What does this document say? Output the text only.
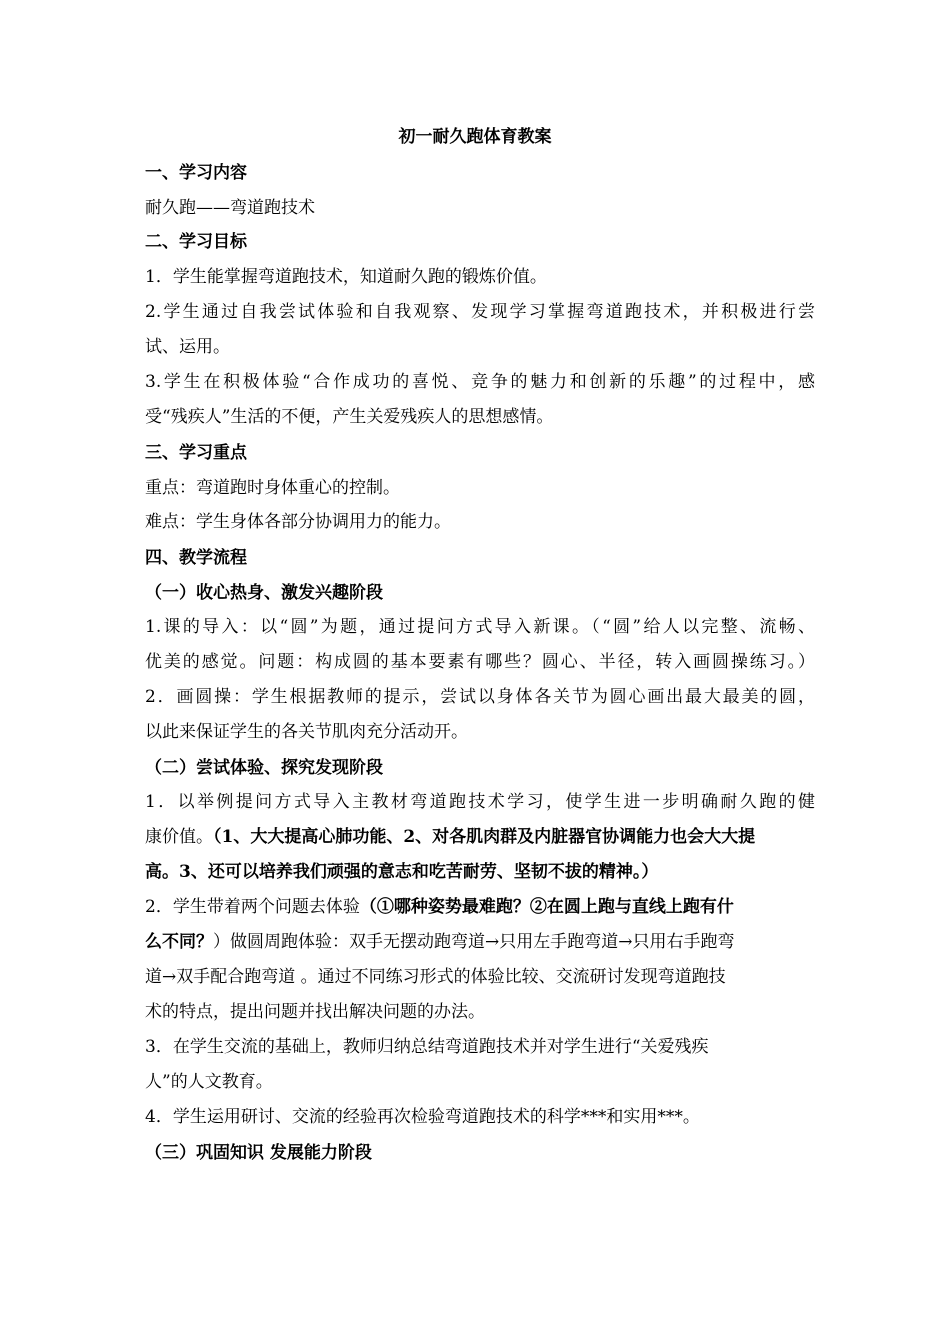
初一耐久跑体育教案
一、学习内容
耐久跑——弯道跑技术
二、学习目标
1．学生能掌握弯道跑技术，知道耐久跑的锻炼价值。
2.学生通过自我尝试体验和自我观察、发现学习掌握弯道跑技术，并积极进行尝
试、运用。
3.学生在积极体验“合作成功的喜悦、竞争的魅力和创新的乐趣”的过程中，感
受“残疾人”生活的不便，产生关爱残疾人的思想感情。
三、学习重点
重点：弯道跑时身体重心的控制。
难点：学生身体各部分协调用力的能力。
四、教学流程
（一）收心热身、激发兴趣阶段
1.课的导入：以“圆”为题，通过提问方式导入新课。（“圆”给人以完整、流畅、
优美的感觉。问题：构成圆的基本要素有哪些？圆心、半径，转入画圆操练习。）
2．画圆操：学生根据教师的提示，尝试以身体各关节为圆心画出最大最美的圆，
以此来保证学生的各关节肌肉充分活动开。
（二）尝试体验、探究发现阶段
1．以举例提问方式导入主教材弯道跑技术学习，使学生进一步明确耐久跑的健
康价值。（1、大大提高心肺功能、2、对各肌肉群及内脏器官协调能力也会大大提
高。3、还可以培养我们顽强的意志和吃苦耐劳、坚韧不拔的精神。）
2．学生带着两个问题去体验（①哪种姿势最难跑？②在圆上跑与直线上跑有什
么不同？）做圆周跑体验：双手无摆动跑弯道→只用左手跑弯道→只用右手跑弯
道→双手配合跑弯道 。通过不同练习形式的体验比较、交流研讨发现弯道跑技
术的特点，提出问题并找出解决问题的办法。
3．在学生交流的基础上，教师归纳总结弯道跑技术并对学生进行“关爱残疾
人”的人文教育。
4．学生运用研讨、交流的经验再次检验弯道跑技术的科学***和实用***。
（三）巩固知识 发展能力阶段
